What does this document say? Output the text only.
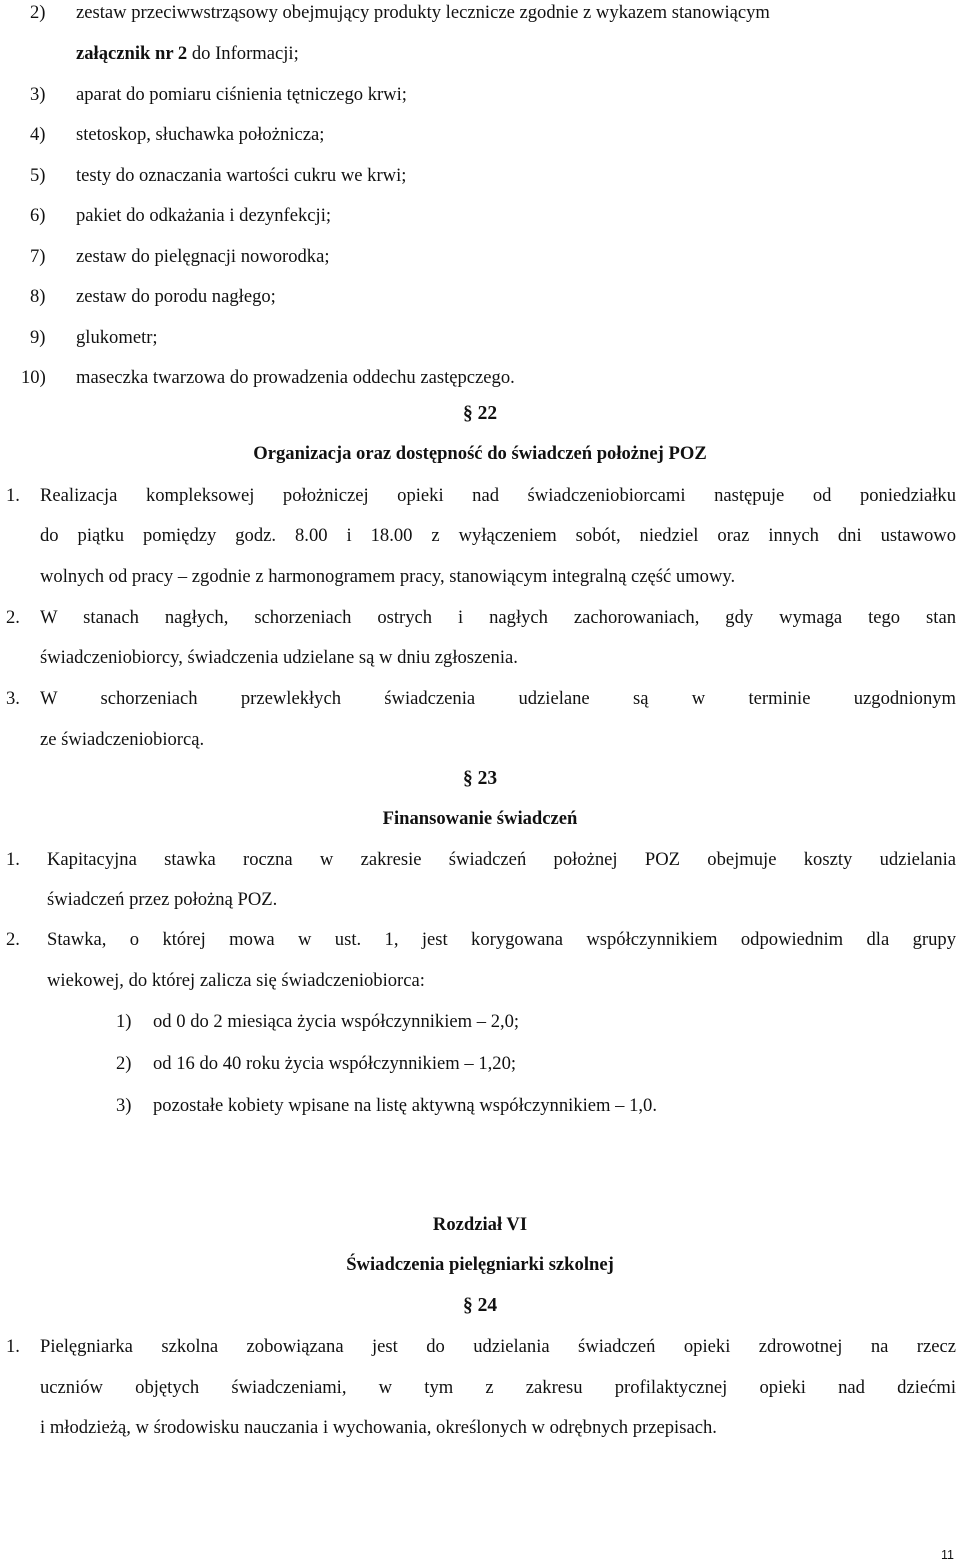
2) zestaw przeciwwstrząsowy obejmujący produkty lecznicze zgodnie z wykazem stanowiącym
załącznik nr 2 do Informacji;
3) aparat do pomiaru ciśnienia tętniczego krwi;
4) stetoskop, słuchawka położnicza;
5) testy do oznaczania wartości cukru we krwi;
6) pakiet do odkażania i dezynfekcji;
7) zestaw do pielęgnacji noworodka;
8) zestaw do porodu nagłego;
9) glukometr;
10) maseczka twarzowa do prowadzenia oddechu zastępczego.
§ 22
Organizacja oraz dostępność do świadczeń położnej POZ
1. Realizacja kompleksowej położniczej opieki nad świadczeniobiorcami następuje od poniedziałku
do piątku pomiędzy godz. 8.00 i 18.00 z wyłączeniem sobót, niedziel oraz innych dni ustawowo
wolnych od pracy – zgodnie z harmonogramem pracy, stanowiącym integralną część umowy.
2. W stanach nagłych, schorzeniach ostrych i nagłych zachorowaniach, gdy wymaga tego stan
świadczeniobiorcy, świadczenia udzielane są w dniu zgłoszenia.
3. W schorzeniach przewlekłych świadczenia udzielane są w terminie uzgodnionym
ze świadczeniobiorcą.
§ 23
Finansowanie świadczeń
1. Kapitacyjna stawka roczna w zakresie świadczeń położnej POZ obejmuje koszty udzielania
świadczeń przez położną POZ.
2. Stawka, o której mowa w ust. 1, jest korygowana współczynnikiem odpowiednim dla grupy
wiekowej, do której zalicza się świadczeniobiorca:
1) od 0 do 2 miesiąca życia współczynnikiem – 2,0;
2) od 16 do 40 roku życia współczynnikiem – 1,20;
3) pozostałe kobiety wpisane na listę aktywną współczynnikiem – 1,0.
Rozdział VI
Świadczenia pielęgniarki szkolnej
§ 24
1. Pielęgniarka szkolna zobowiązana jest do udzielania świadczeń opieki zdrowotnej na rzecz
uczniów objętych świadczeniami, w tym z zakresu profilaktycznej opieki nad dziećmi
i młodzieżą, w środowisku nauczania i wychowania, określonych w odrębnych przepisach.
11
